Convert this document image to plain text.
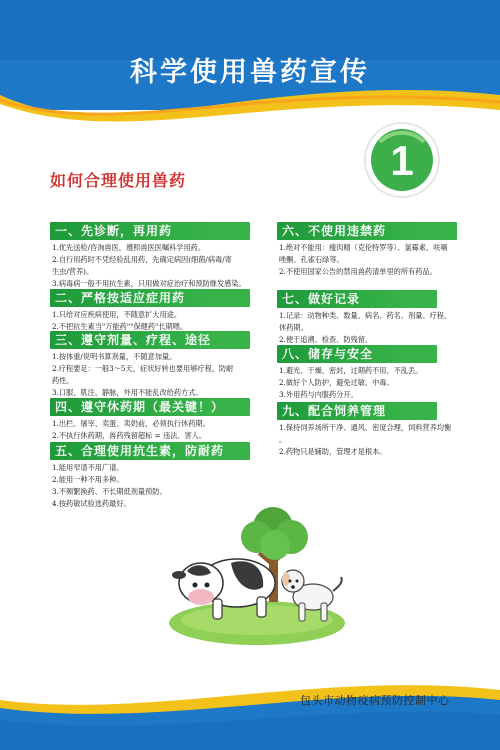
科学使用兽药宣传
1
如何合理使用兽药
一、先诊断，再用药
1.优先送检/咨询兽医，遵照兽医医嘱科学用药。
2.自行用药时不凭经验乱用药，先确定病因(细菌/病毒/寄
生虫/营养)。
3.病毒病一般不用抗生素，只用做对症治疗和预防继发感染。
二、严格按适应症用药
1.只给对应疾病使用，不随意扩大用途。
2.不把抗生素当"万能药""保健药"长期喂。
三、遵守剂量、疗程、途径
1.按体重/说明书算剂量，不随意加量。
2.疗程要足：一般3～5天，症状好转也要用够疗程，防耐
药性。
3.口服、肌注、静脉，外用不能乱改给药方式。
四、遵守休药期（最关键！）
1.出栏、屠宰、卖蛋、卖奶前，必须执行休药期。
2.不执行休药期，兽药残留超标 = 违法、害人。
五、合理使用抗生素，防耐药
1.能用窄谱不用广谱。
2.能用一种不用多种。
3.不频繁换药、不长期低剂量预防。
4.按药敏试验选药最好。
六、不使用违禁药
1.绝对不能用：瘦肉精（克伦特罗等）、氯霉素、呋喃
唑酮、孔雀石绿等。
2.不使用国家公告的禁用兽药清单里的所有药品。
七、做好记录
1.记录：动物种类、数量、病名、药名、剂量、疗程、
休药期。
2.便于追溯、检查、防残留。
八、储存与安全
1.避光、干燥、密封，过期药不用、不乱丢。
2.做好个人防护，避免过敏、中毒。
3.外用药与内服药分开。
九、配合饲养管理
1.保持饲养场所干净、通风、密度合理，饲料营养均衡
。
2.药物只是辅助，管理才是根本。
包头市动物疫病预防控制中心
